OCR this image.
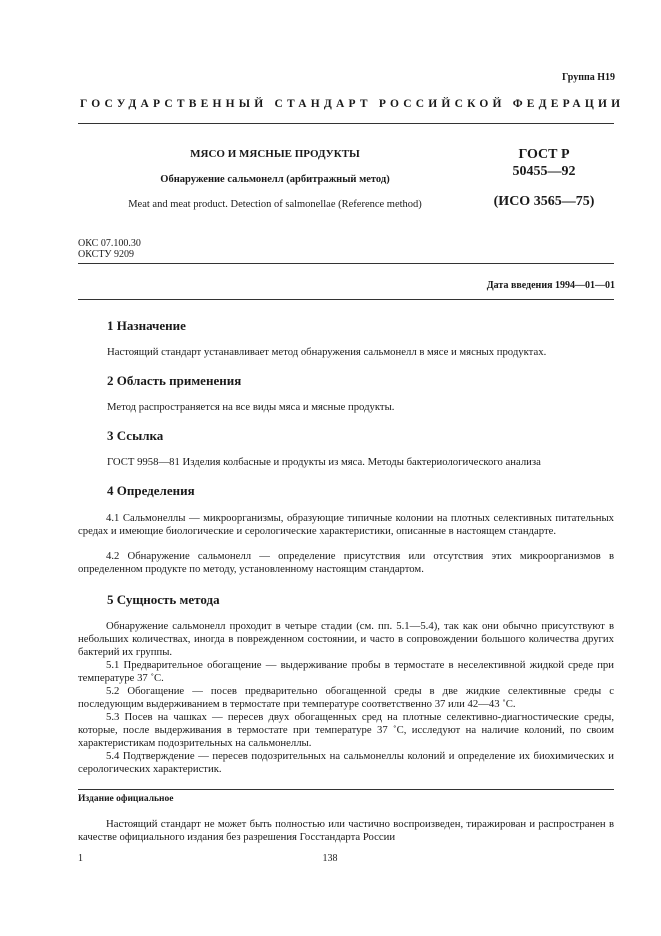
Группа Н19
ГОСУДАРСТВЕННЫЙ СТАНДАРТ РОССИЙСКОЙ ФЕДЕРАЦИИ
МЯСО И МЯСНЫЕ ПРОДУКТЫ
Обнаружение сальмонелл (арбитражный метод)
Meat and meat product. Detection of salmonellae (Reference method)
ГОСТ Р
50455—92
(ИСО 3565—75)
ОКС 07.100.30
ОКСТУ 9209
Дата введения 1994—01—01
1 Назначение
Настоящий стандарт устанавливает метод обнаружения сальмонелл в мясе и мясных продуктах.
2 Область применения
Метод распространяется на все виды мяса и мясные продукты.
3 Ссылка
ГОСТ 9958—81 Изделия колбасные и продукты из мяса. Методы бактериологического анализа
4 Определения
4.1 Сальмонеллы — микроорганизмы, образующие типичные колонии на плотных селективных питательных средах и имеющие биологические и серологические характеристики, описанные в настоящем стандарте.
4.2 Обнаружение сальмонелл — определение присутствия или отсутствия этих микроорганизмов в определенном продукте по методу, установленному настоящим стандартом.
5 Сущность метода
Обнаружение сальмонелл проходит в четыре стадии (см. пп. 5.1—5.4), так как они обычно присутствуют в небольших количествах, иногда в поврежденном состоянии, и часто в сопровождении большого количества других бактерий их группы.
5.1 Предварительное обогащение — выдерживание пробы в термостате в неселективной жидкой среде при температуре 37 ˚С.
5.2 Обогащение — посев предварительно обогащенной среды в две жидкие селективные среды с последующим выдерживанием в термостате при температуре соответственно 37 или 42—43 ˚С.
5.3 Посев на чашках — пересев двух обогащенных сред на плотные селективно-диагностические среды, которые, после выдерживания в термостате при температуре 37 ˚С, исследуют на наличие колоний, по своим характеристикам подозрительных на сальмонеллы.
5.4 Подтверждение — пересев подозрительных на сальмонеллы колоний и определение их биохимических и серологических характеристик.
Издание официальное
Настоящий стандарт не может быть полностью или частично воспроизведен, тиражирован и распространен в качестве официального издания без разрешения Госстандарта России
1	138
